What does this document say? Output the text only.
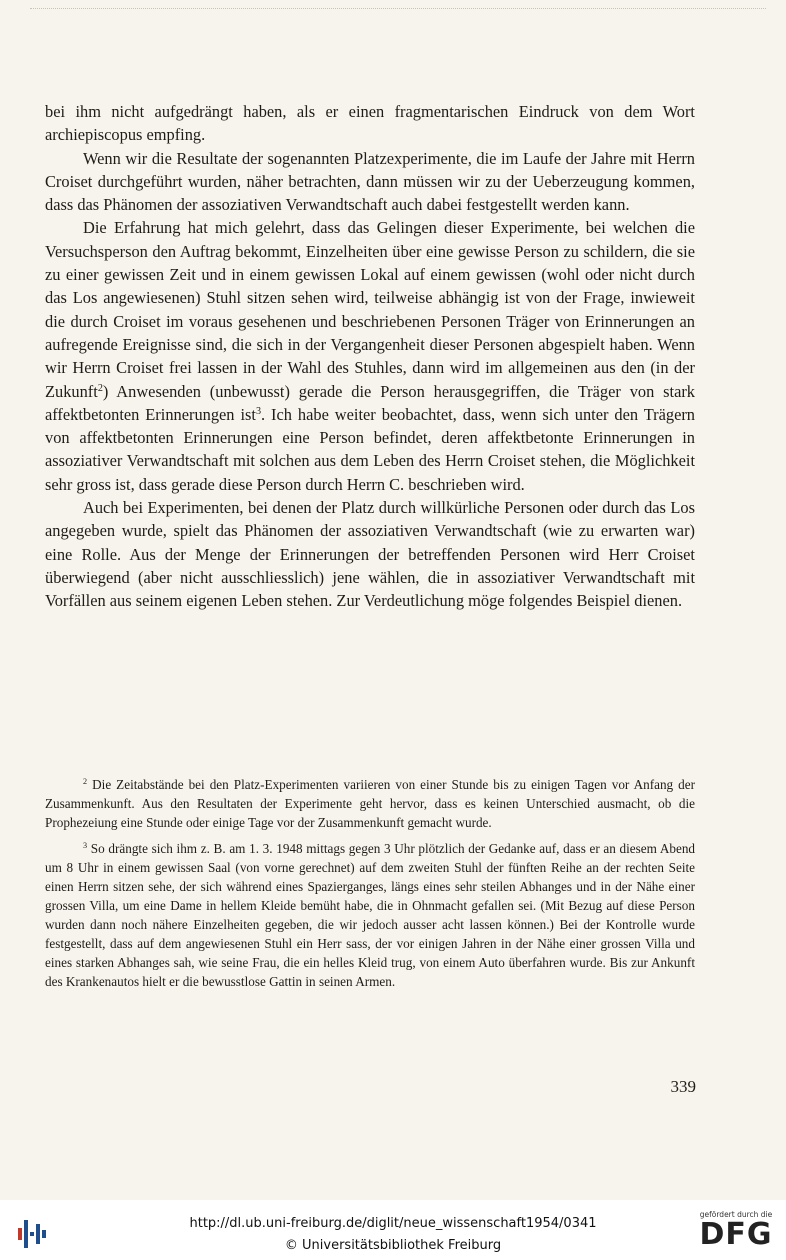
bei ihm nicht aufgedrängt haben, als er einen fragmentarischen Eindruck von dem Wort archiepiscopus empfing.

Wenn wir die Resultate der sogenannten Platzexperimente, die im Laufe der Jahre mit Herrn Croiset durchgeführt wurden, näher betrachten, dann müssen wir zu der Ueberzeugung kommen, dass das Phänomen der assoziativen Verwandtschaft auch dabei festgestellt werden kann.

Die Erfahrung hat mich gelehrt, dass das Gelingen dieser Experimente, bei welchen die Versuchsperson den Auftrag bekommt, Einzelheiten über eine gewisse Person zu schildern, die sie zu einer gewissen Zeit und in einem gewissen Lokal auf einem gewissen (wohl oder nicht durch das Los angewiesenen) Stuhl sitzen sehen wird, teilweise abhängig ist von der Frage, inwieweit die durch Croiset im voraus gesehenen und beschriebenen Personen Träger von Erinnerungen an aufregende Ereignisse sind, die sich in der Vergangenheit dieser Personen abgespielt haben. Wenn wir Herrn Croiset frei lassen in der Wahl des Stuhles, dann wird im allgemeinen aus den (in der Zukunft$^2$) Anwesenden (unbewusst) gerade die Person herausgegriffen, die Träger von stark affektbetonten Erinnerungen ist$^3$. Ich habe weiter beobachtet, dass, wenn sich unter den Trägern von affektbetonten Erinnerungen eine Person befindet, deren affektbetonte Erinnerungen in assoziativer Verwandtschaft mit solchen aus dem Leben des Herrn Croiset stehen, die Möglichkeit sehr gross ist, dass gerade diese Person durch Herrn C. beschrieben wird.

Auch bei Experimenten, bei denen der Platz durch willkürliche Personen oder durch das Los angegeben wurde, spielt das Phänomen der assoziativen Verwandtschaft (wie zu erwarten war) eine Rolle. Aus der Menge der Erinnerungen der betreffenden Personen wird Herr Croiset überwiegend (aber nicht ausschliesslich) jene wählen, die in assoziativer Verwandtschaft mit Vorfällen aus seinem eigenen Leben stehen. Zur Verdeutlichung möge folgendes Beispiel dienen.

$^2$ Die Zeitabstände bei den Platz-Experimenten variieren von einer Stunde bis zu einigen Tagen vor Anfang der Zusammenkunft. Aus den Resultaten der Experimente geht hervor, dass es keinen Unterschied ausmacht, ob die Prophezeiung eine Stunde oder einige Tage vor der Zusammenkunft gemacht wurde.

$^3$ So drängte sich ihm z. B. am 1. 3. 1948 mittags gegen 3 Uhr plötzlich der Gedanke auf, dass er an diesem Abend um 8 Uhr in einem gewissen Saal (von vorne gerechnet) auf dem zweiten Stuhl der fünften Reihe an der rechten Seite einen Herrn sitzen sehe, der sich während eines Spazierganges, längs eines sehr steilen Abhanges und in der Nähe einer grossen Villa, um eine Dame in hellem Kleide bemüht habe, die in Ohnmacht gefallen sei. (Mit Bezug auf diese Person wurden dann noch nähere Einzelheiten gegeben, die wir jedoch ausser acht lassen können.) Bei der Kontrolle wurde festgestellt, dass auf dem angewiesenen Stuhl ein Herr sass, der vor einigen Jahren in der Nähe einer grossen Villa und eines starken Abhanges sah, wie seine Frau, die ein helles Kleid trug, von einem Auto überfahren wurde. Bis zur Ankunft des Krankenautos hielt er die bewusstlose Gattin in seinen Armen.

339
http://dl.ub.uni-freiburg.de/diglit/neue_wissenschaft1954/0341
© Universitätsbibliothek Freiburg
gefördert durch die
DFG
